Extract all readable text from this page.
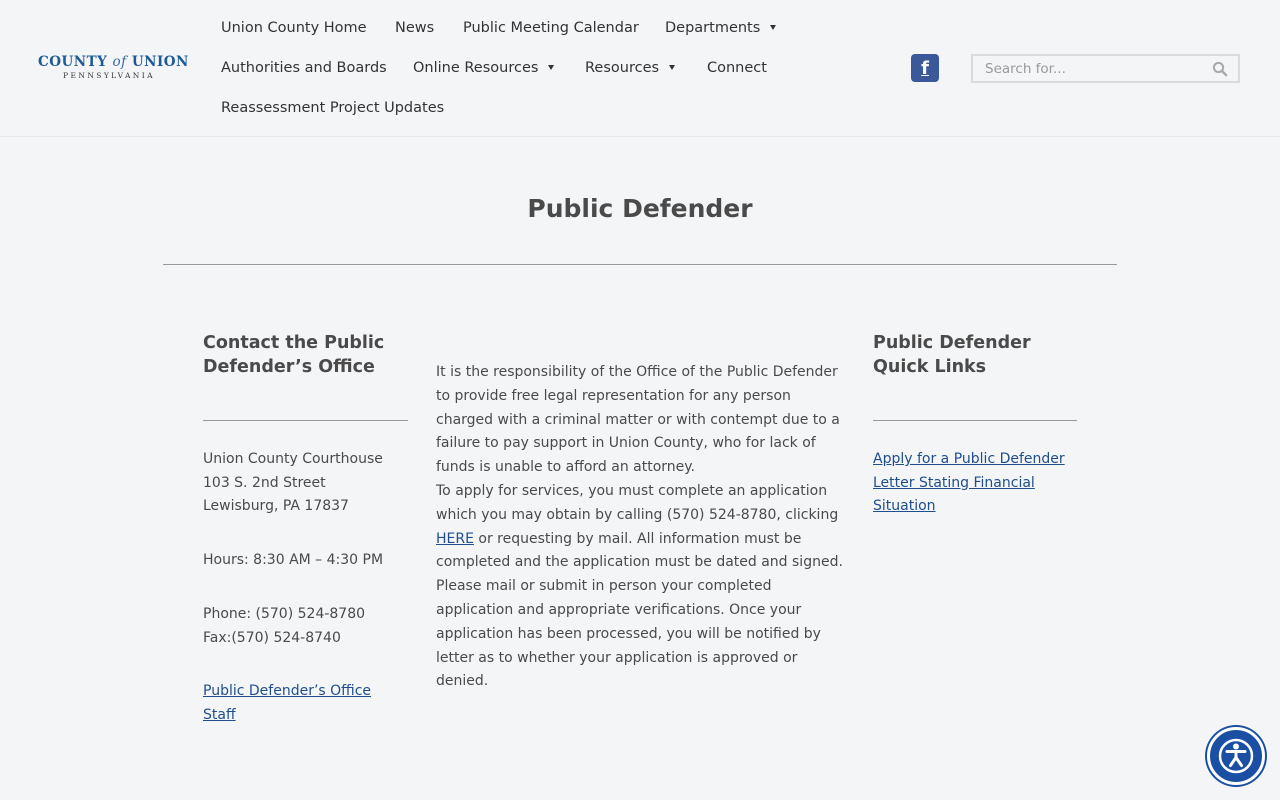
COUNTY of UNION
PENNSYLVANIA
Union County Home News Public Meeting Calendar Departments
Authorities and Boards Online Resources	Resources	Connect
Reassessment Project Updates
f
Search for...
Public Defender
Contact the Public
Defender’s Office

Union County Courthouse
103 S. 2nd Street
Lewisburg, PA 17837

Hours: 8:30 AM – 4:30 PM

Phone: (570) 524-8780
Fax:(570) 524-8740

Public Defender’s Office
Staff

It is the responsibility of the Office of the Public Defender to provide free legal representation for any person charged with a criminal matter or with contempt due to a failure to pay support in Union County, who for lack of funds is unable to afford an attorney.

To apply for services, you must complete an application which you may obtain by calling (570) 524-8780, clicking HERE or requesting by mail. All information must be completed and the application must be dated and signed. Please mail or submit in person your completed application and appropriate verifications. Once your application has been processed, you will be notified by letter as to whether your application is approved or denied.

Public Defender
Quick Links

Apply for a Public Defender
Letter Stating Financial
Situation
